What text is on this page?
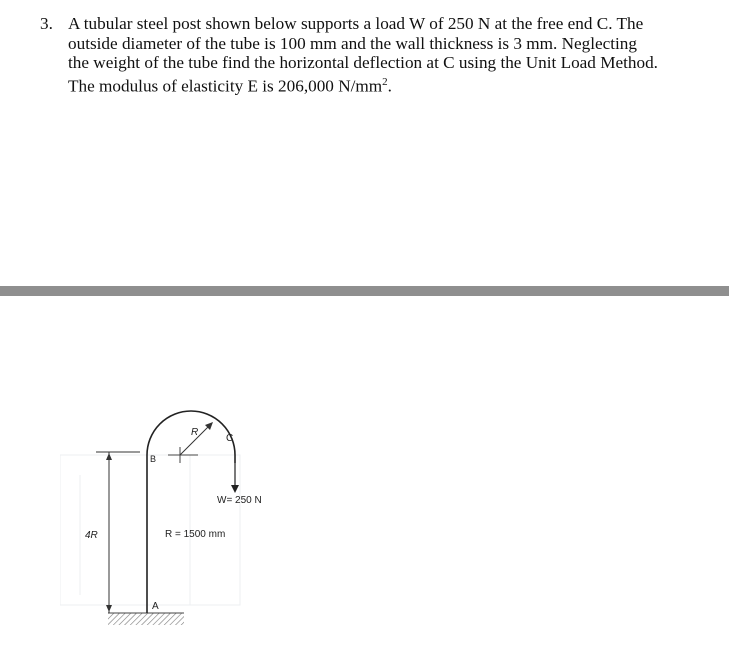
3. A tubular steel post shown below supports a load W of 250 N at the free end C. The
outside diameter of the tube is 100 mm and the wall thickness is 3 mm. Neglecting
the weight of the tube find the horizontal deflection at C using the Unit Load Method.
The modulus of elasticity E is 206,000 $N/mm^2$.
B
R
C
W= 250 N
4R	R = 1500 mm
A
